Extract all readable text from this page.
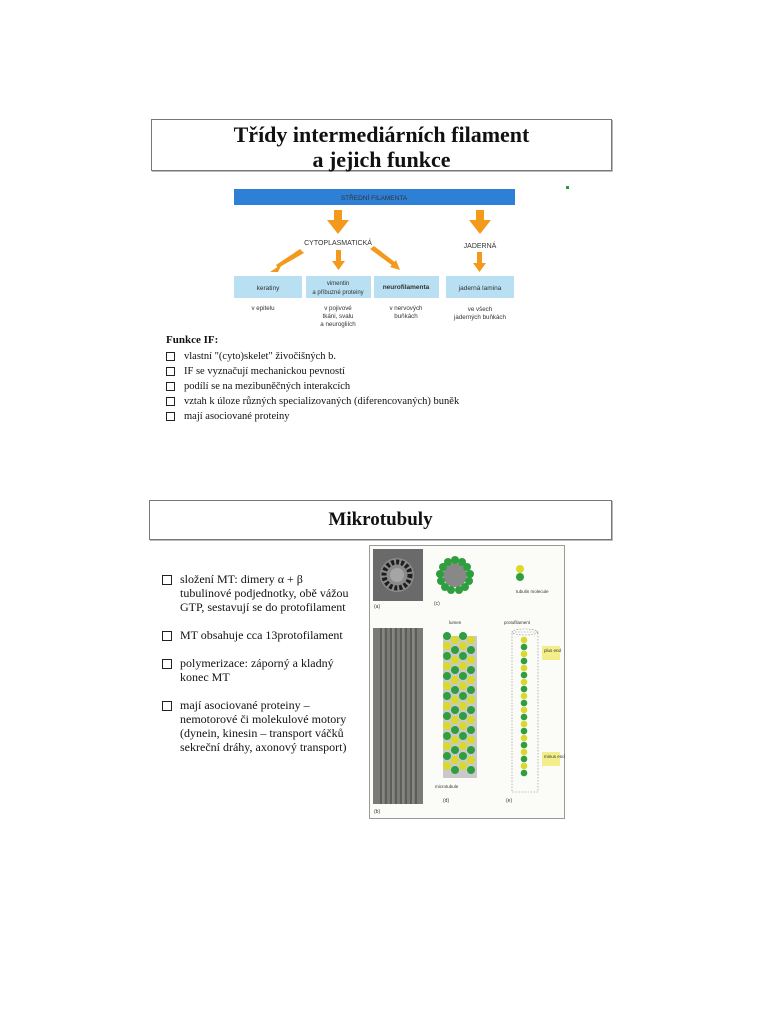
Třídy intermediárních filament
a jejich funkce
STŘEDNÍ FILAMENTA
CYTOPLASMATICKÁ	JADERNÁ
keratiny
vimentin
a příbuzné proteiny
neurofilamenta	jaderná lamina
v epitelu	v pojivové
tkáni, svalu
a neurogliích
v nervových
buňkách
ve všech
jaderných buňkách
Funkce IF:
vlastní "(cyto)skelet" živočišných b.
IF se vyznačují mechanickou pevností
podílí se na mezibuněčných interakcích
vztah k úloze různých specializovaných (diferencovaných) buněk
mají asociované proteiny
Mikrotubuly
složení MT: dimery α + β tubulinové podjednotky, obě vážou GTP, sestavují se do protofilament
MT obsahuje cca 13protofilament
polymerizace: záporný a kladný konec MT
mají asociované proteiny – nemotorové či molekulové motory (dynein, kinesin – transport váčků sekreční dráhy, axonový transport)
(a)
(b)
(c)
tubulin molecule
lumen
microtubule
(d)
protofilament
plus end
minus end
(e)
